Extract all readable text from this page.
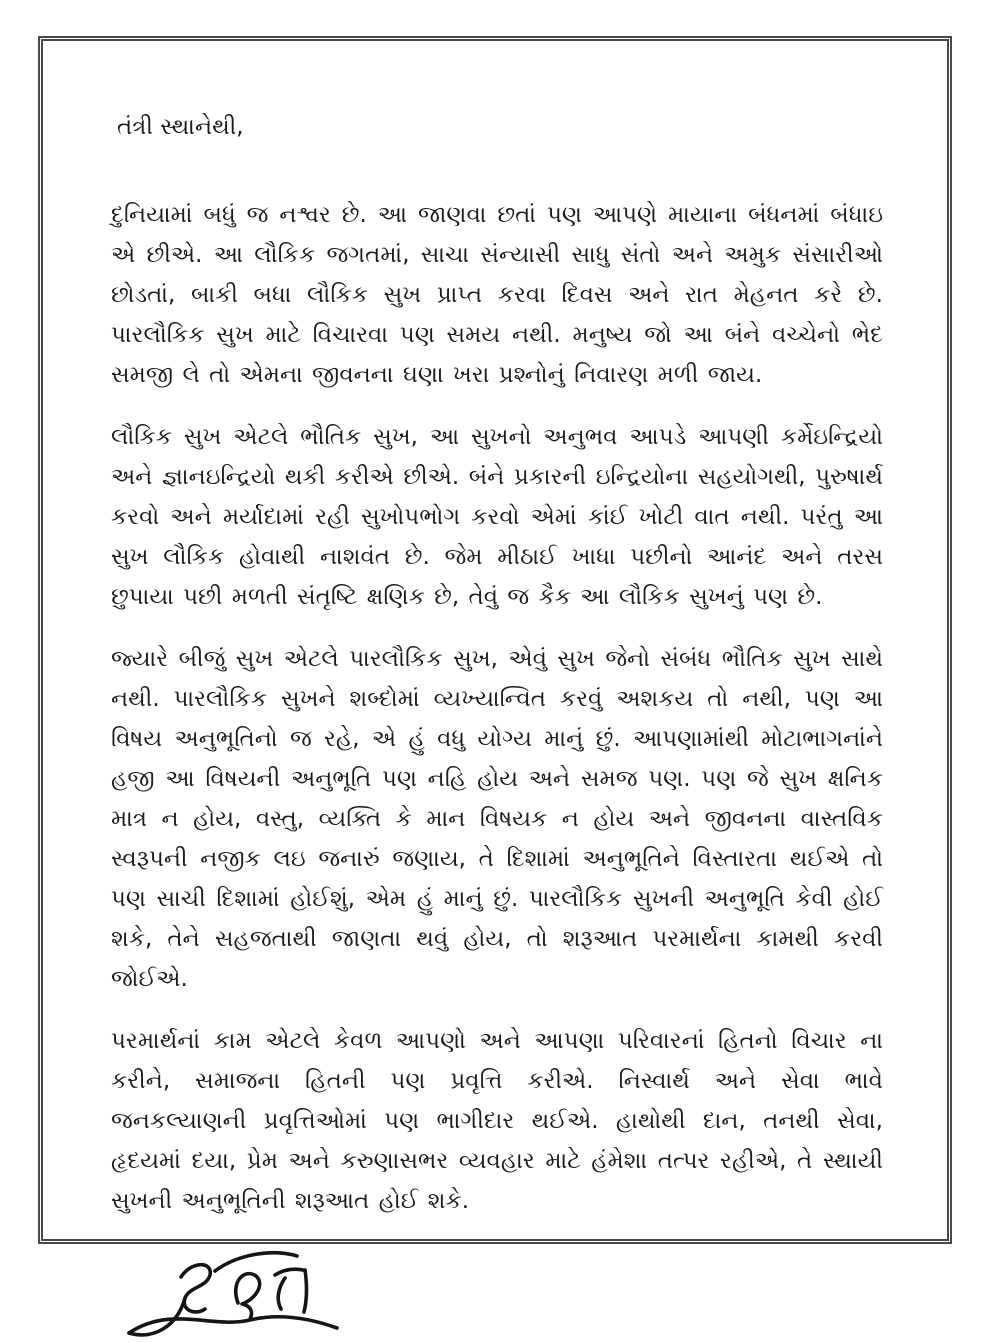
તંત્રી સ્થાનેથી,

દુનિયામાં બધું જ નશ્વર છે. આ જાણવા છતાં પણ આપણે માયાના બંધનમાં બંધાઇ એ છીએ. આ લૌકિક જગતમાં, સાચા સંન્યાસી સાધુ સંતો અને અમુક સંસારીઓ છોડતાં, બાકી બધા લૌકિક સુખ પ્રાપ્ત કરવા દિવસ અને રાત મેહનત કરે છે. પારલૌકિક સુખ માટે વિચારવા પણ સમય નથી. મનુષ્ય જો આ બંને વચ્ચેનો ભેદ સમજી લે તો એમના જીવનના ઘણા ખરા પ્રશ્નોનું નિવારણ મળી જાય.

લૌકિક સુખ એટલે ભૌતિક સુખ, આ સુખનો અનુભવ આપડે આપણી કર્મેઇન્દ્રિયો અને જ્ઞાનઇન્દ્રિયો થકી કરીએ છીએ. બંને પ્રકારની ઇન્દ્રિયોના સહયોગથી, પુરુષાર્થ કરવો અને મર્યાદામાં રહી સુખોપભોગ કરવો એમાં કાંઈ ખોટી વાત નથી. પરંતુ આ સુખ લૌકિક હોવાથી નાશવંત છે. જેમ મીઠાઈ ખાધા પછીનો આનંદ અને તરસ છુપાયા પછી મળતી સંતૃષ્ટિ ક્ષણિક છે, તેવું જ કૈક આ લૌકિક સુખનું પણ છે.

જ્યારે બીજું સુખ એટલે પારલૌકિક સુખ, એવું સુખ જેનો સંબંધ ભૌતિક સુખ સાથે નથી. પારલૌકિક સુખને શબ્દોમાં વ્યખ્યાન્વિત કરવું અશકય તો નથી, પણ આ વિષય અનુભૂતિનો જ રહે, એ હું વધુ યોગ્ય માનું છું. આપણામાંથી મોટાભાગનાંને હજી આ વિષયની અનુભૂતિ પણ નહિ હોય અને સમજ પણ. પણ જે સુખ ક્ષનિક માત્ર ન હોય, વસ્તુ, વ્યક્તિ કે માન વિષયક ન હોય અને જીવનના વાસ્તવિક સ્વરૂપની નજીક લઇ જનારું જણાય, તે દિશામાં અનુભૂતિને વિસ્તારતા થઈએ તો પણ સાચી દિશામાં હોઈશું, એમ હું માનું છું. પારલૌકિક સુખની અનુભૂતિ કેવી હોઈ શકે, તેને સહજતાથી જાણતા થવું હોય, તો શરૂઆત પરમાર્થના કામથી કરવી જોઈએ.

પરમાર્થનાં કામ એટલે કેવળ આપણો અને આપણા પરિવારનાં હિતનો વિચાર ના કરીને, સમાજના હિતની પણ પ્રવૃત્તિ કરીએ. નિસ્વાર્થ અને સેવા ભાવે જનકલ્યાણની પ્રવૃત્તિઓમાં પણ ભાગીદાર થઈએ. હાથોથી દાન, તનથી સેવા, હૃદયમાં દયા, પ્રેમ અને કરુણાસભર વ્યવહાર માટે હંમેશા તત્પર રહીએ, તે સ્થાયી સુખની અનુભૂતિની શરૂઆત હોઈ શકે.
